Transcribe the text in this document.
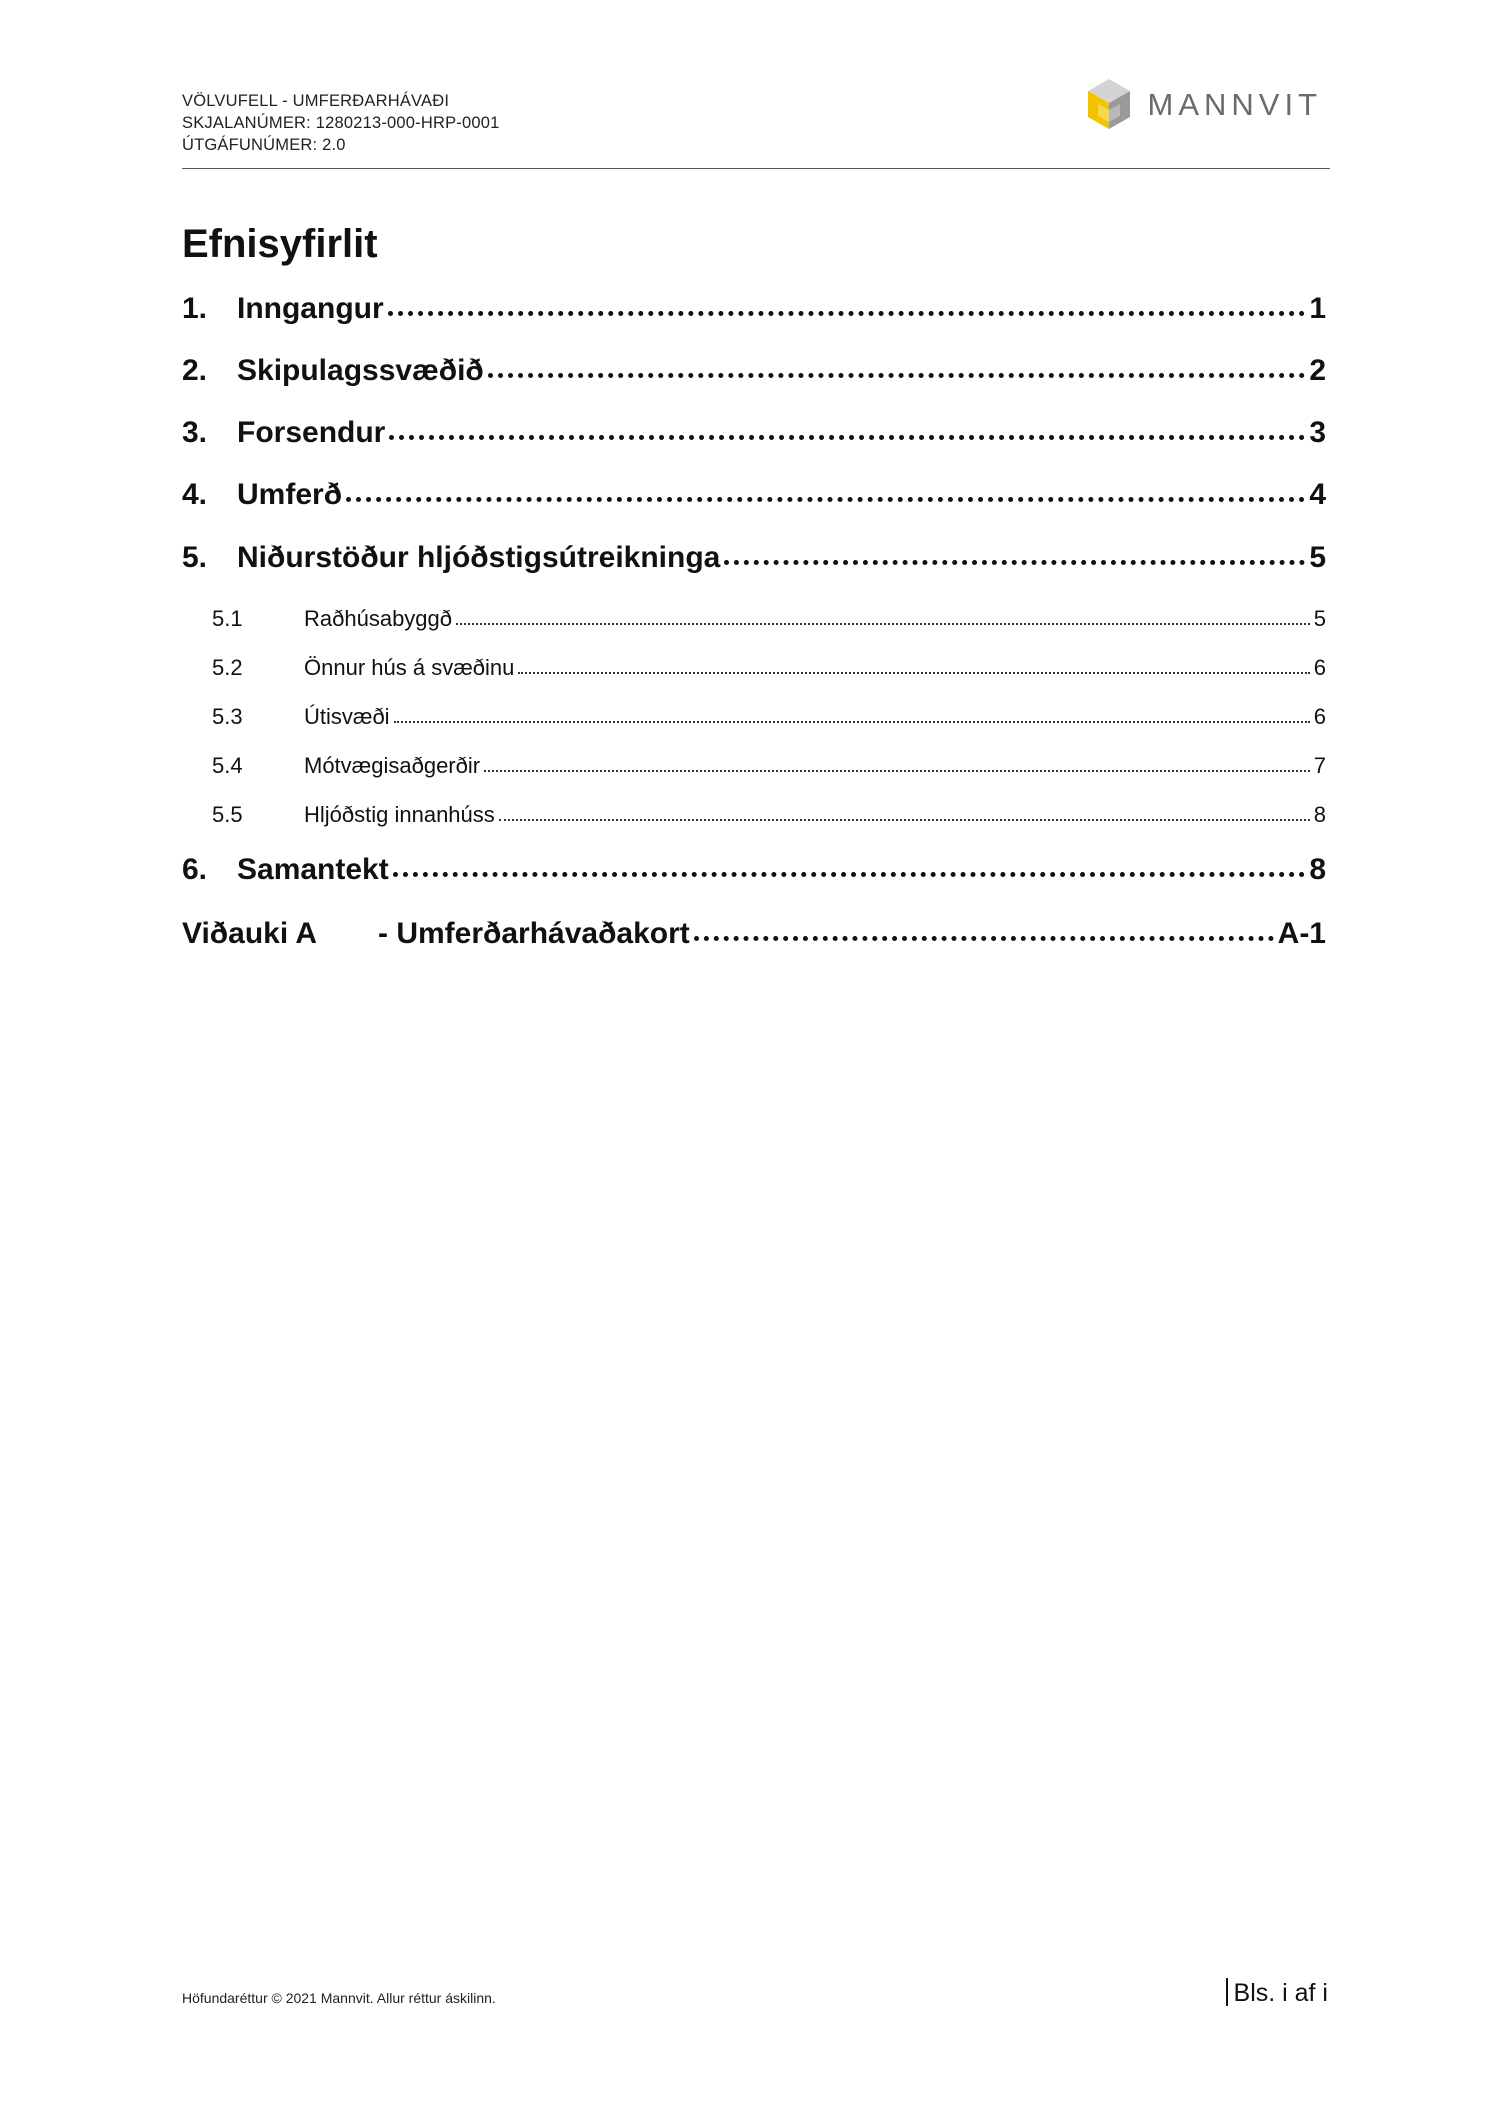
VÖLVUFELL - UMFERÐARHÁVAÐI
SKJALANÚMER: 1280213-000-HRP-0001
ÚTGÁFUNÚMER: 2.0
MANNVIT
Efnisyfirlit
1. Inngangur	1
2. Skipulagssvæðið	2
3. Forsendur	3
4. Umferð	4
5. Niðurstöður hljóðstigsútreikninga	5
5.1	Raðhúsabyggð	5
5.2	Önnur hús á svæðinu	6
5.3	Útisvæði	6
5.4	Mótvægisaðgerðir	7
5.5	Hljóðstig innanhúss	8
6. Samantekt	8
Viðauki A	- Umferðarhávaðakort	A-1
Höfundaréttur © 2021 Mannvit. Allur réttur áskilinn.	Bls. i af i
